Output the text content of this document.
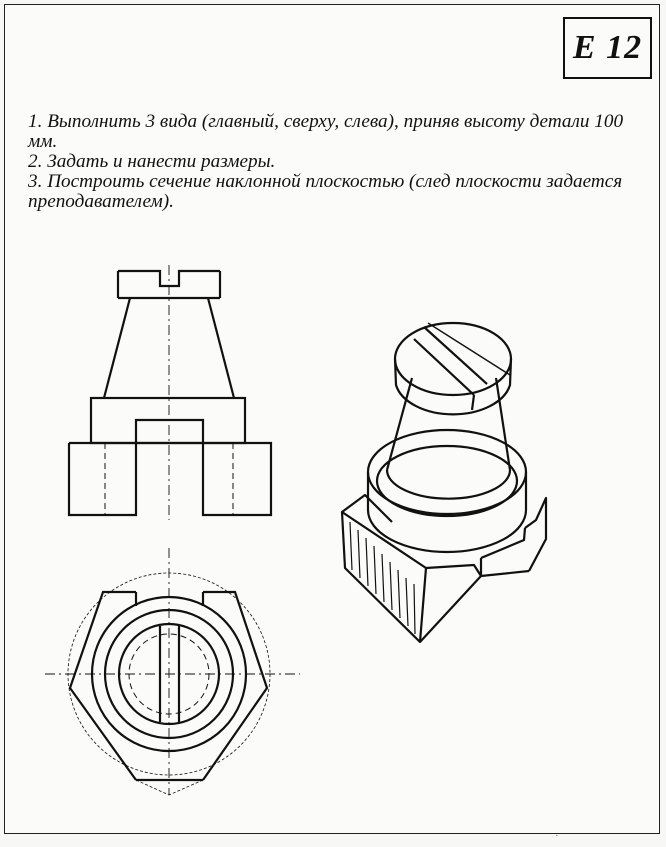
Е 12

1. Выполнить 3 вида (главный, сверху, слева), приняв высоту детали 100 мм.

2. Задать и нанести размеры.

3. Построить сечение наклонной плоскостью (след плоскости задается преподавателем).

·
